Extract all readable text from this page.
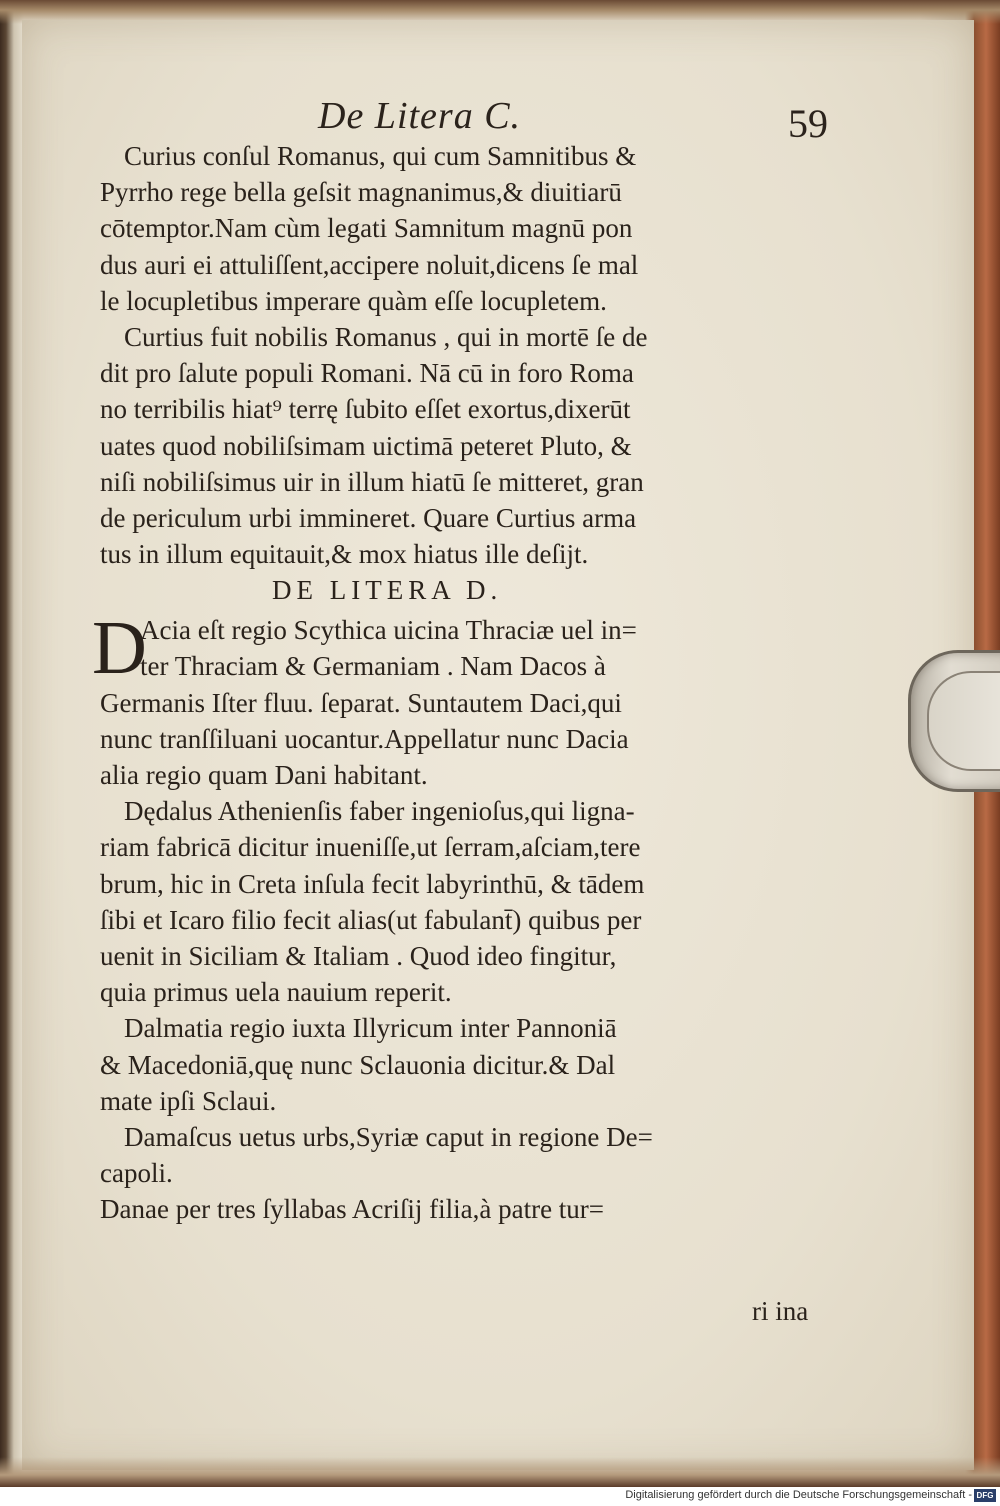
De Litera C.	59
Curius conſul Romanus, qui cum Samnitibus &
Pyrrho rege bella geſsit magnanimus,& diuitiarū
cōtemptor.Nam cùm legati Samnitum magnū pon
dus auri ei attuliſſent,accipere noluit,dicens ſe mal
le locupletibus imperare quàm eſſe locupletem.
Curtius fuit nobilis Romanus , qui in mortē ſe de
dit pro ſalute populi Romani. Nā cū in foro Roma
no terribilis hiat⁹ terrę ſubito eſſet exortus,dixerūt
uates quod nobiliſsimam uictimā peteret Pluto, &
niſi nobiliſsimus uir in illum hiatū ſe mitteret, gran
de periculum urbi immineret. Quare Curtius arma
tus in illum equitauit,& mox hiatus ille deſijt.
DE LITERA D.
D
Acia eſt regio Scythica uicina Thraciæ uel in=
ter Thraciam & Germaniam . Nam Dacos à
Germanis Iſter fluu. ſeparat. Suntautem Daci,qui
nunc tranſſiluani uocantur.Appellatur nunc Dacia
alia regio quam Dani habitant.
Dędalus Athenienſis faber ingenioſus,qui ligna-
riam fabricā dicitur inueniſſe,ut ſerram,aſciam,tere
brum, hic in Creta inſula fecit labyrinthū, & tādem
ſibi et Icaro filio fecit alias(ut fabulant̄) quibus per
uenit in Siciliam & Italiam . Quod ideo fingitur,
quia primus uela nauium reperit.
Dalmatia regio iuxta Illyricum inter Pannoniā
& Macedoniā,quę nunc Sclauonia dicitur.& Dal
mate ipſi Sclaui.
Damaſcus uetus urbs,Syriæ caput in regione De=
capoli.
Danae per tres ſyllabas Acriſij filia,à patre tur=
ri ina
Digitalisierung gefördert durch die Deutsche Forschungsgemeinschaft - DFG
